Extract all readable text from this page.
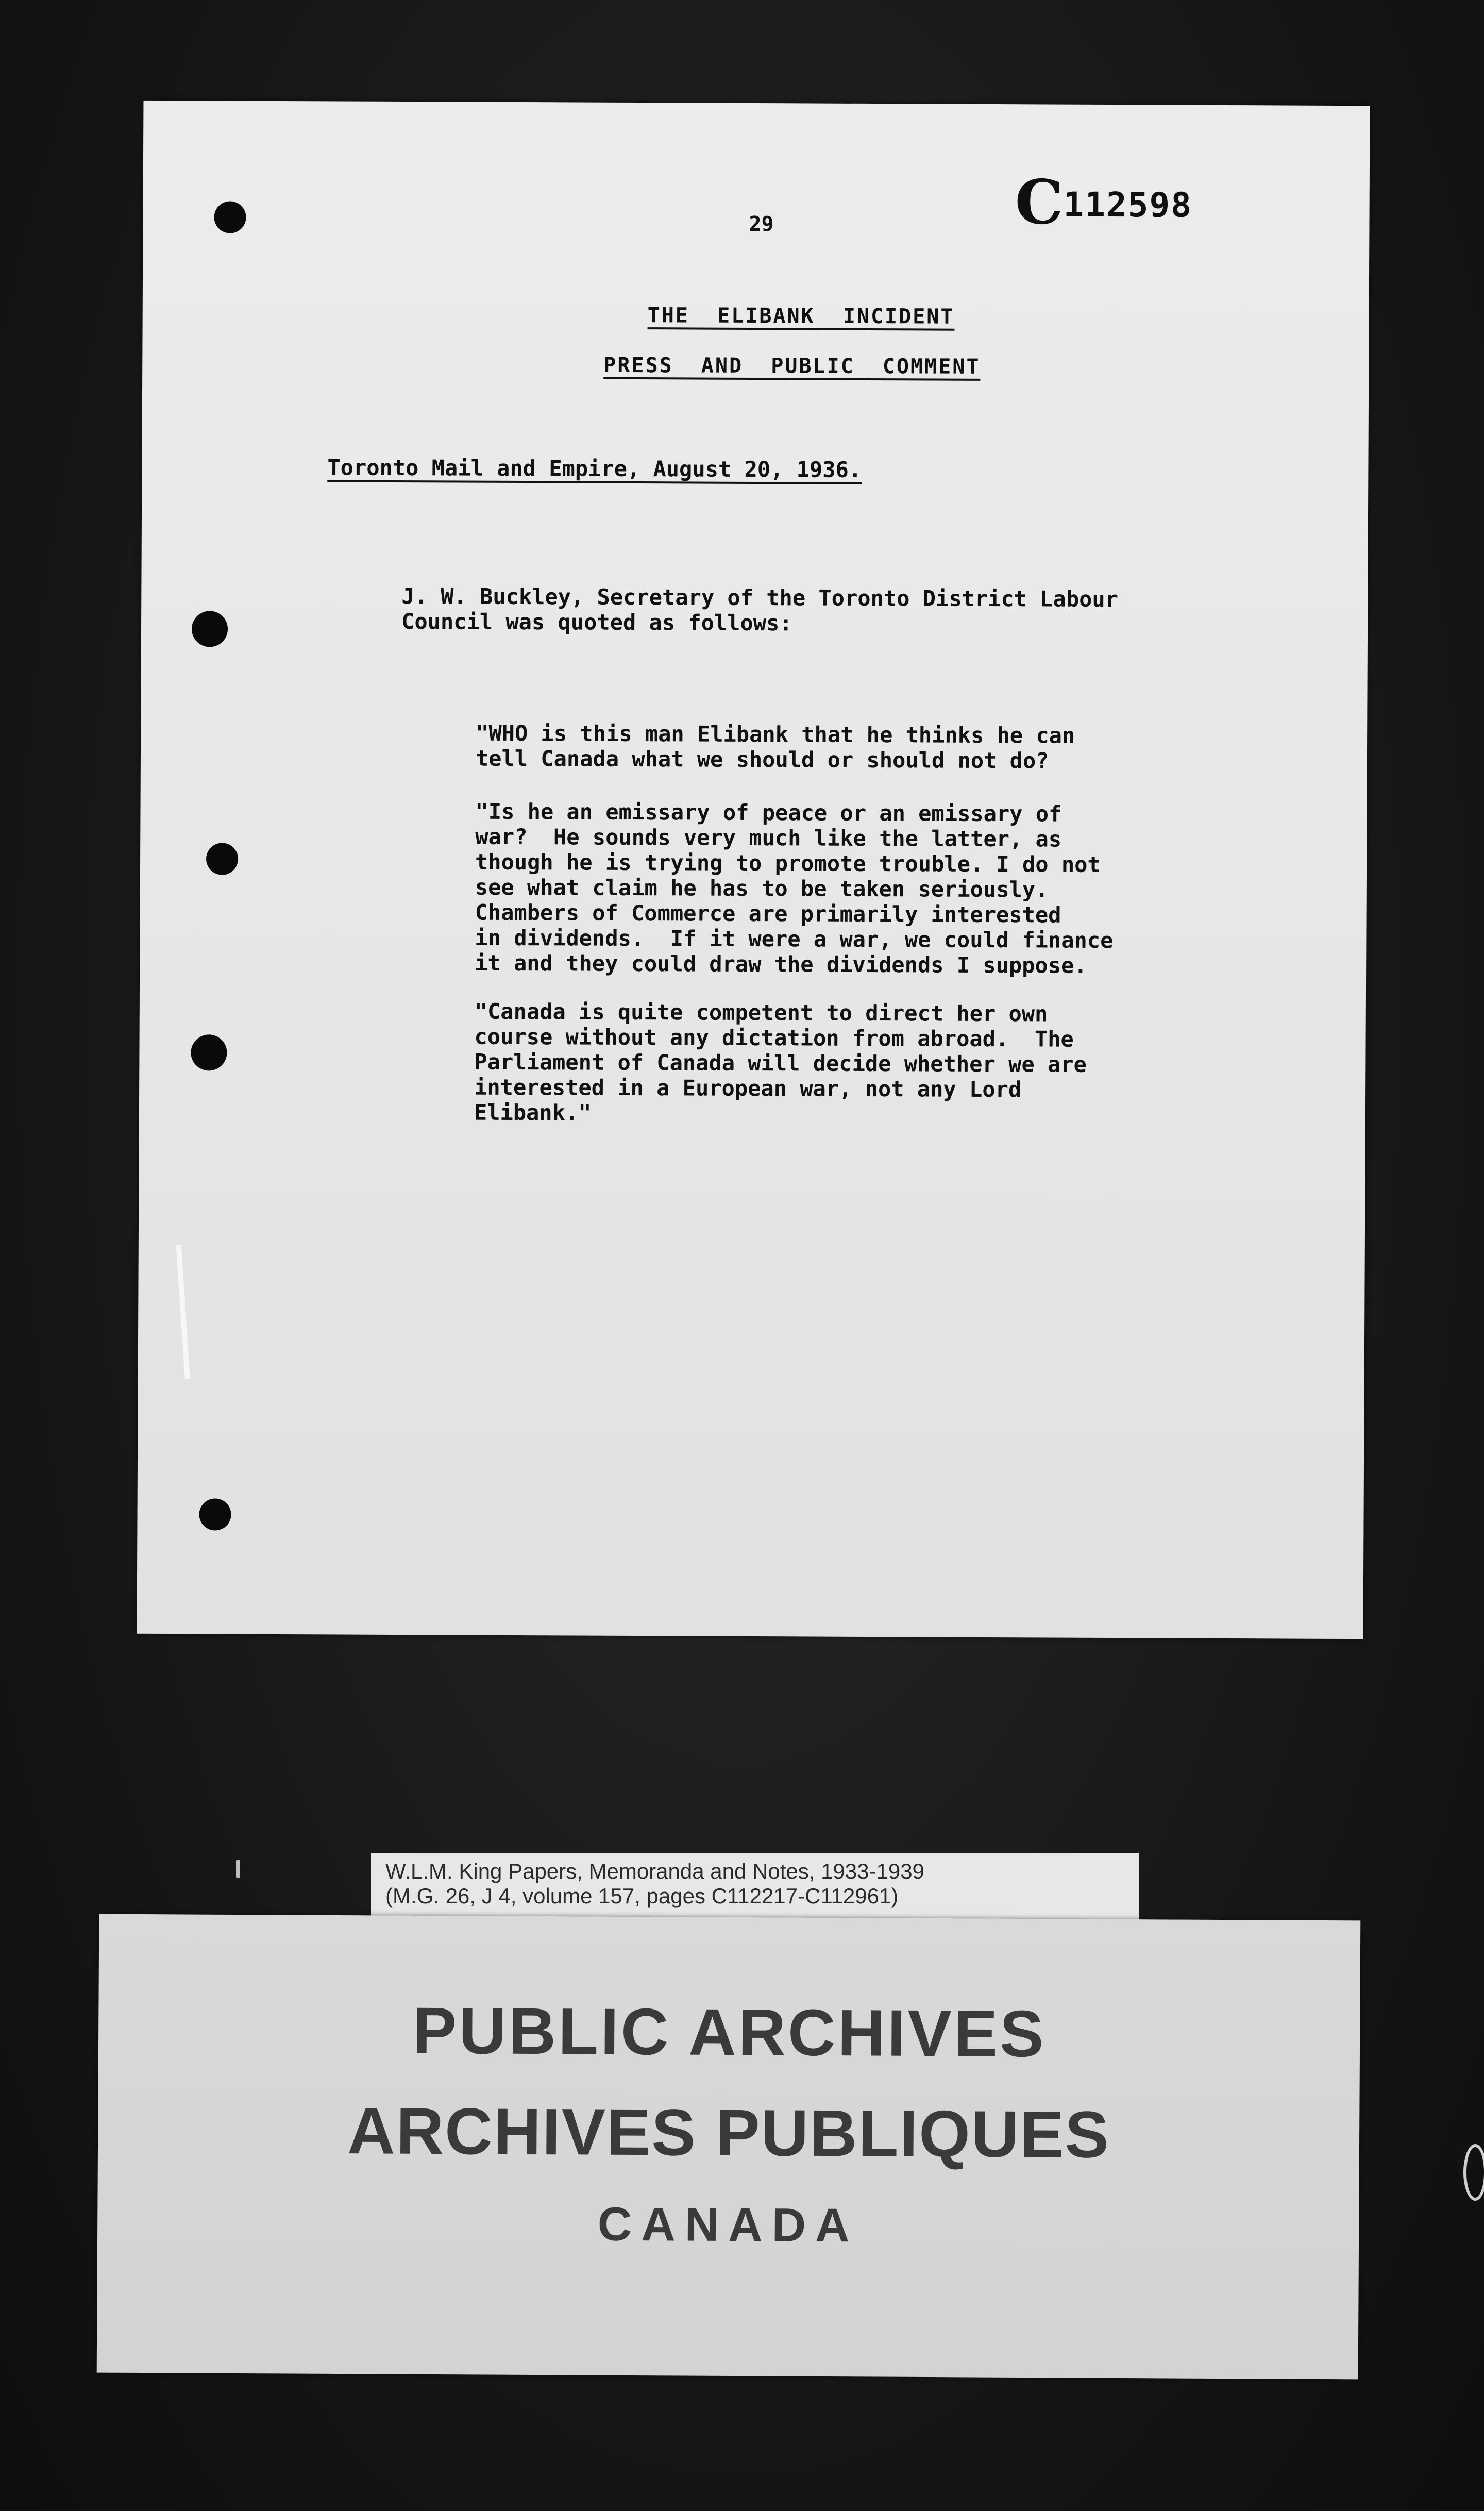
29	C112598
THE  ELIBANK  INCIDENT
PRESS  AND  PUBLIC  COMMENT
Toronto Mail and Empire, August 20, 1936.
J. W. Buckley, Secretary of the Toronto District Labour
Council was quoted as follows:
"WHO is this man Elibank that he thinks he can
tell Canada what we should or should not do?
"Is he an emissary of peace or an emissary of
war?  He sounds very much like the latter, as
though he is trying to promote trouble. I do not
see what claim he has to be taken seriously.
Chambers of Commerce are primarily interested
in dividends.  If it were a war, we could finance
it and they could draw the dividends I suppose.
"Canada is quite competent to direct her own
course without any dictation from abroad.  The
Parliament of Canada will decide whether we are
interested in a European war, not any Lord
Elibank."
W.L.M. King Papers, Memoranda and Notes, 1933-1939
(M.G. 26, J 4, volume 157, pages C112217-C112961)
PUBLIC ARCHIVES
ARCHIVES PUBLIQUES
CANADA
